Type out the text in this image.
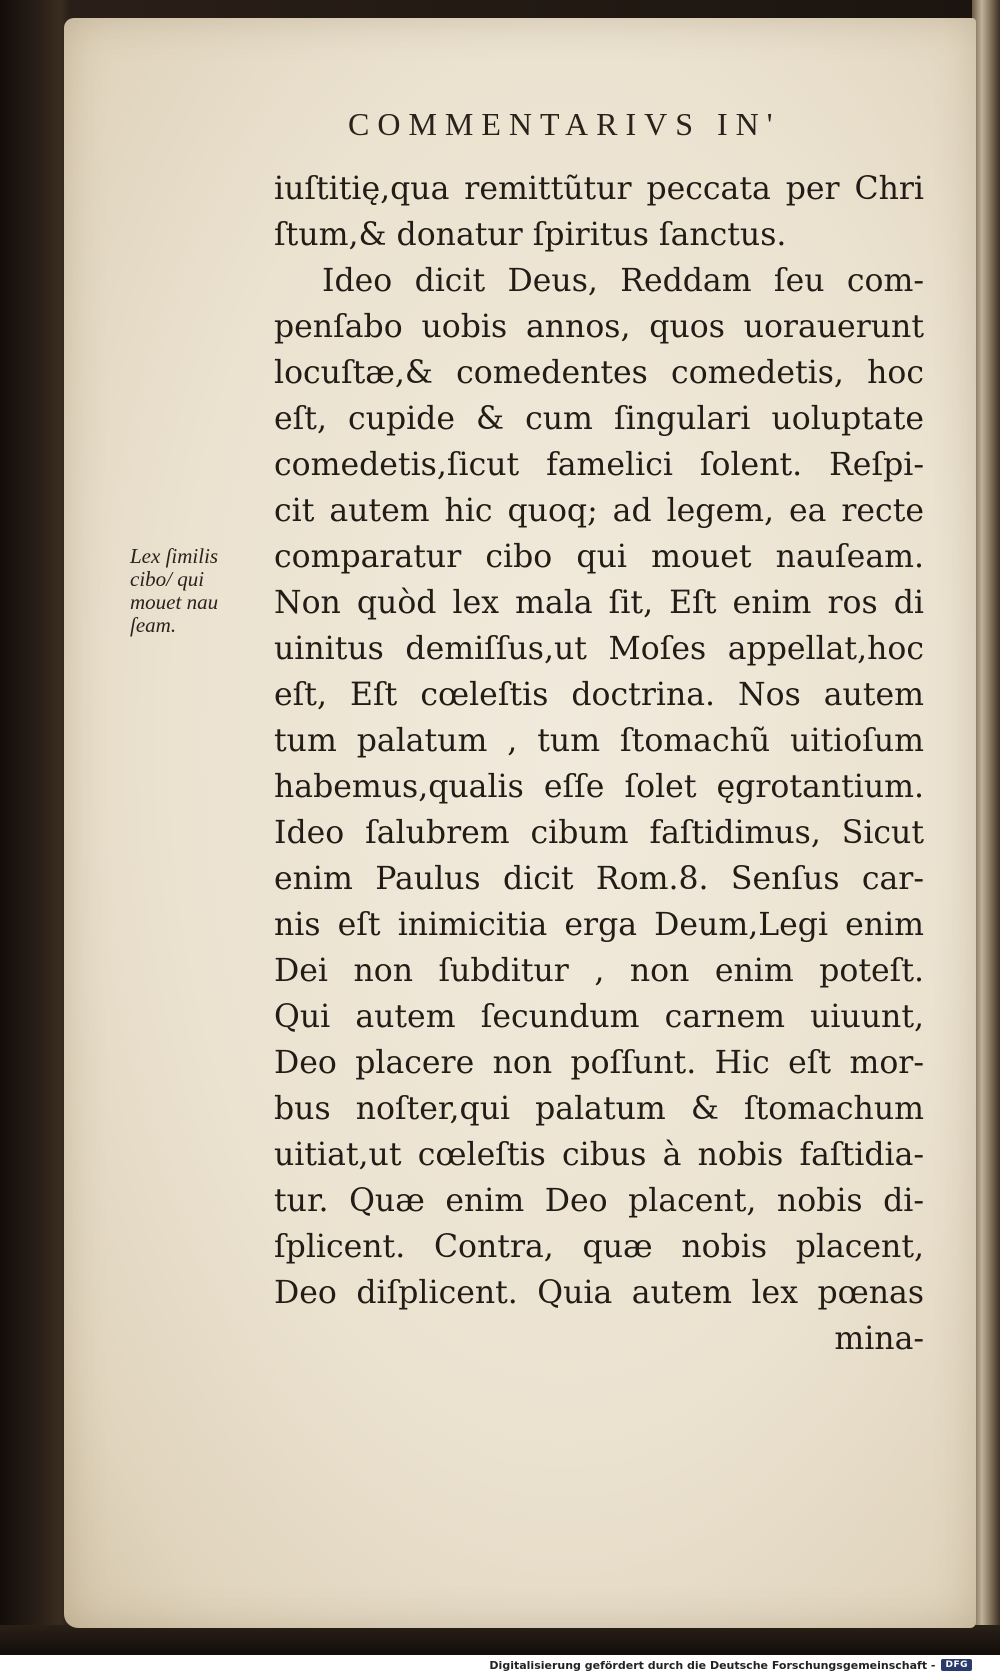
COMMENTARIVS IN'
Lex ſimilis
cibo/ qui
mouet nau
ſeam.
iuſtitię,qua remittũtur peccata per Chri
ſtum,& donatur ſpiritus ſanctus.
Ideo dicit Deus, Reddam ſeu com-
penſabo uobis annos, quos uorauerunt
locuſtæ,& comedentes comedetis, hoc
eſt, cupide & cum ſingulari uoluptate
comedetis,ſicut famelici ſolent. Reſpi-
cit autem hic quoq; ad legem, ea recte
comparatur cibo qui mouet nauſeam.
Non quòd lex mala ſit, Eſt enim ros di
uinitus demiſſus,ut Moſes appellat,hoc
eſt, Eſt cœleſtis doctrina. Nos autem
tum palatum , tum ſtomachũ uitioſum
habemus,qualis eſſe ſolet ęgrotantium.
Ideo ſalubrem cibum faſtidimus, Sicut
enim Paulus dicit Rom.8. Senſus car-
nis eſt inimicitia erga Deum,Legi enim
Dei non ſubditur , non enim poteſt.
Qui autem ſecundum carnem uiuunt,
Deo placere non poſſunt. Hic eſt mor-
bus noſter,qui palatum & ſtomachum
uitiat,ut cœleſtis cibus à nobis faſtidia-
tur. Quæ enim Deo placent, nobis di-
ſplicent. Contra, quæ nobis placent,
Deo diſplicent. Quia autem lex pœnas
mina-
Digitalisierung gefördert durch die Deutsche Forschungsgemeinschaft -	DFG
